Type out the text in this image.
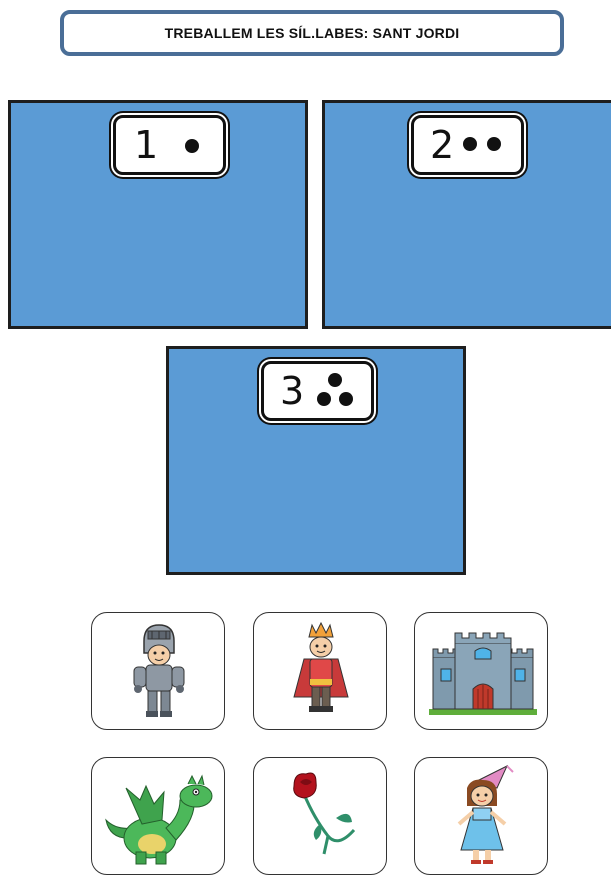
TREBALLEM LES SÍL.LABES: SANT JORDI
1	2
3
